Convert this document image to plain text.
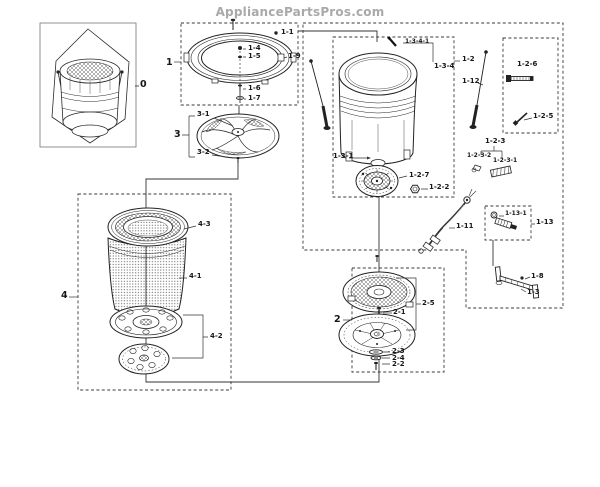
AppliancePartsPros.com
0
1
1-1
1-4
1-5	1-9
1-6
1-7
3-1
3
3-2
4
4-3
4-1
4-2
1-3-4-1
1-3-4
1-2
1-12
1-2-6
1-2-5
1-2-3
1-2-3-2
1-2-3-1
1-3-1
1-2-7
1-2-2
1-11
1-13-1
1-13
1-8
1-3
2
2-5
2-1
2-3
2-4
2-2
